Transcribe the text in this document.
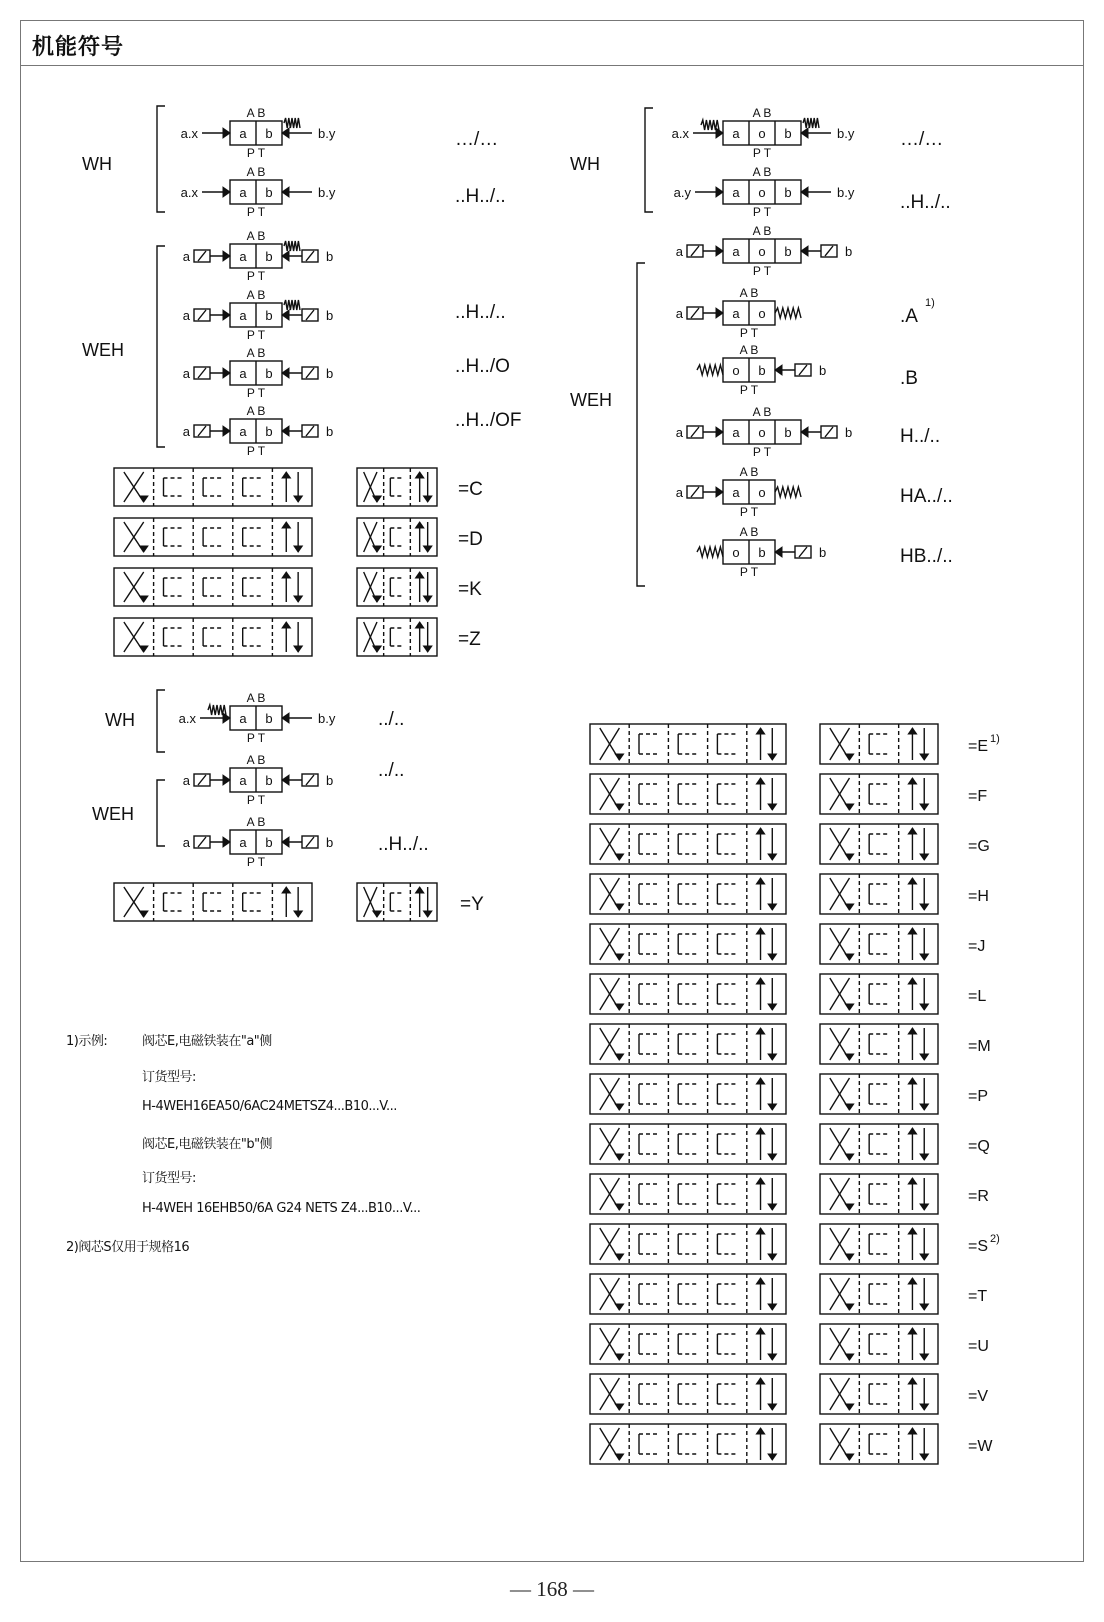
机能符号
WH
a b
A B
P T
a.x	b.y
a b
A B
P T
a.x	b.y
WEH
a b
A B
P T
a	b
a b
A B
P T
a	b
a b
A B
P T
a	b
a b
A B
P T
a	b
…/…
..H../..
..H../..
..H../O
..H../OF
WH
a o b
A B
P T
a.x	b.y
a o b
A B
P T
a.y	b.y
a o b
A B
P T
a	b
WEH
a o
A B
P T
a
o b
A B
P T
b
a o b
A B
P T
a	b
a o
A B
P T
a
o b
A B
P T
b
…/…
..H../..
.A
.B
H../..
HA../..
HB../..
1)
=C
=D
=K
=Z
WH	a b
A B
P T
a.x	b.y
WEH
a b
A B
P T
a	b
a b
A B
P T
a	b
../..
../..
..H../..
=Y
=E
=F
=G
=H
=J
=L
=M
=P
=Q
=R
=S
=T
=U
=V
=W
1)
2)
1)示例:	阀芯E,电磁铁装在"a"侧
订货型号:
H-4WEH16EA50/6AC24METSZ4...B10...V...
阀芯E,电磁铁装在"b"侧
订货型号:
H-4WEH 16EHB50/6A G24 NETS Z4...B10...V...
2)阀芯S仅用于规格16
— 168 —
